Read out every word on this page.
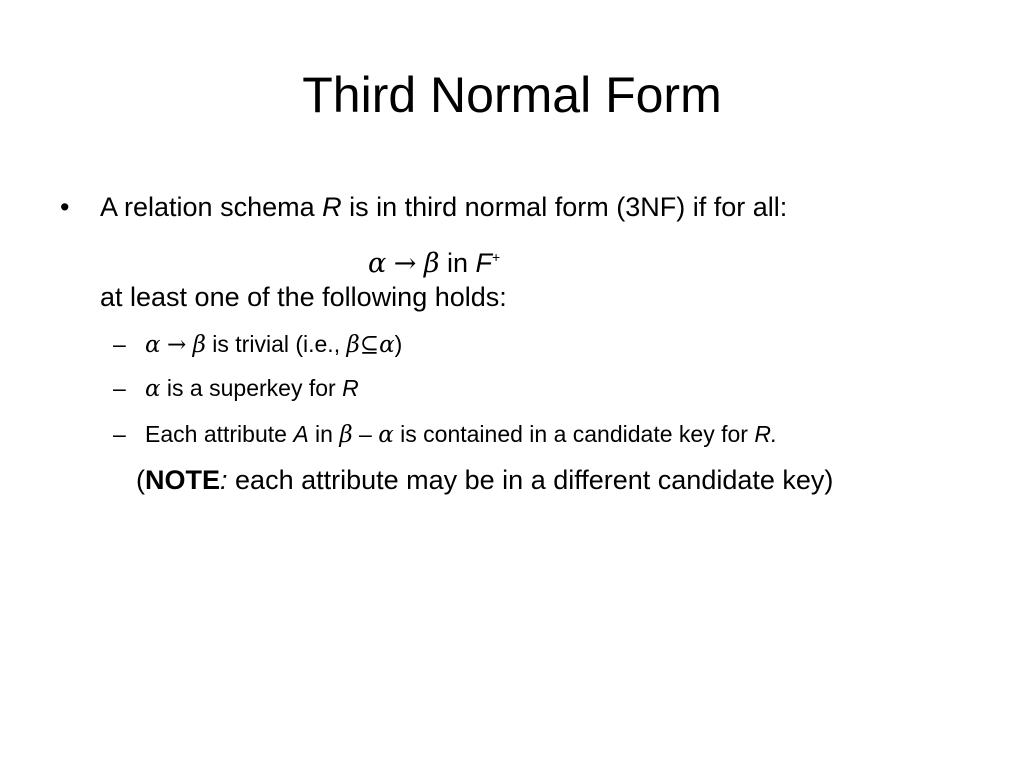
Third Normal Form
• A relation schema R is in third normal form (3NF) if for all:
α → β in F+
at least one of the following holds:
– α → β is trivial (i.e., β⊆α)
– α is a superkey for R
– Each attribute A in β – α is contained in a candidate key for R.
(NOTE: each attribute may be in a different candidate key)
